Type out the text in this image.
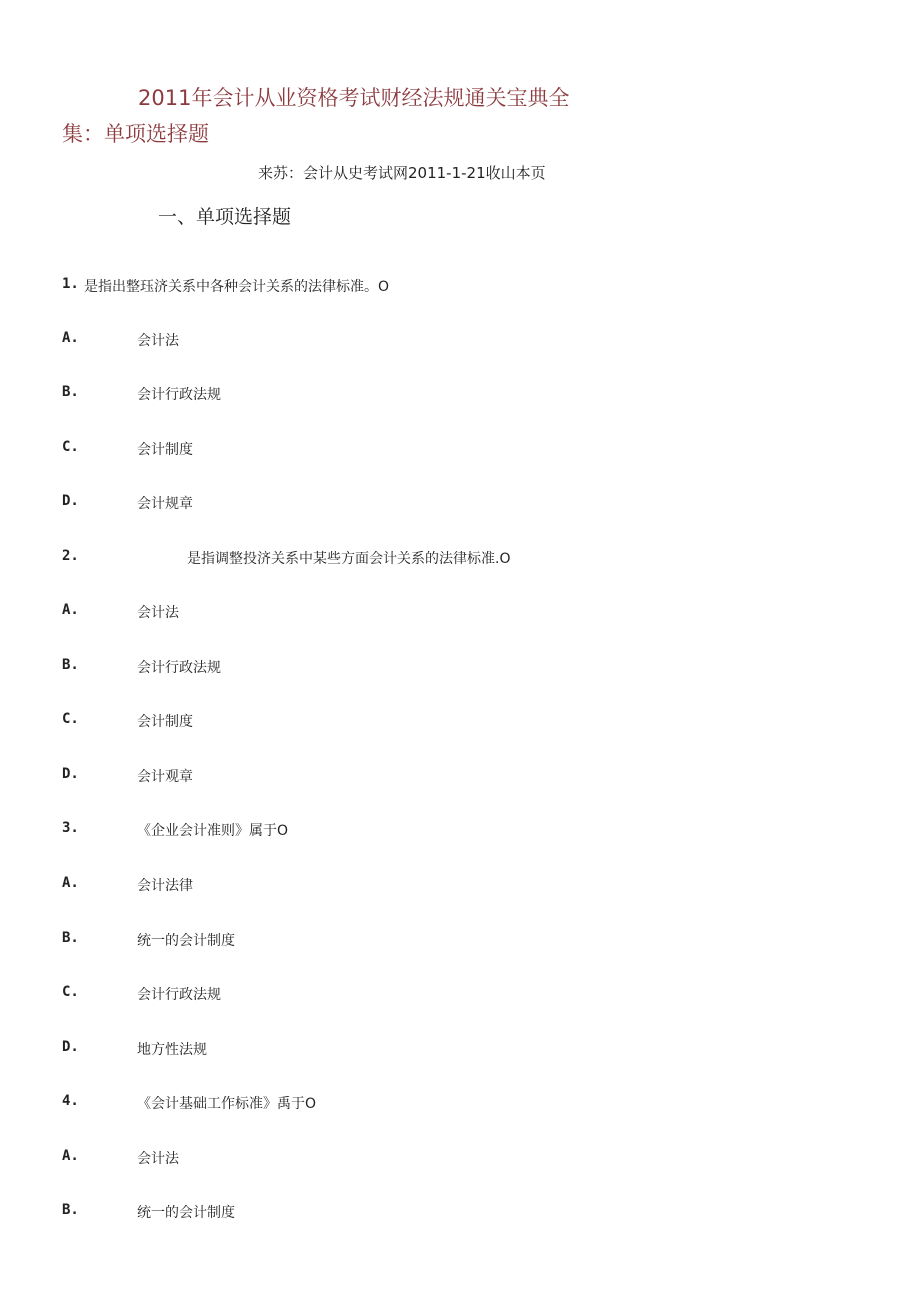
2011年会计从业资格考试财经法规通关宝典全
集：单项选择题
来苏：会计从史考试网2011-1-21收山本页
一、单项选择题
1. 是指出整珏济关系中各种会计关系的法律标准。O
A.	会计法
B.	会计行政法规
C.	会计制度
D.	会计规章
2.	是指调整投济关系中某些方面会计关系的法律标准.O
A.	会计法
B.	会计行政法规
C.	会计制度
D.	会计观章
3.	《企业会计准则》属于O
A.	会计法律
B.	统一的会计制度
C.	会计行政法规
D.	地方性法规
4.	《会计基础工作标准》禹于O
A.	会计法
B.	统一的会计制度
